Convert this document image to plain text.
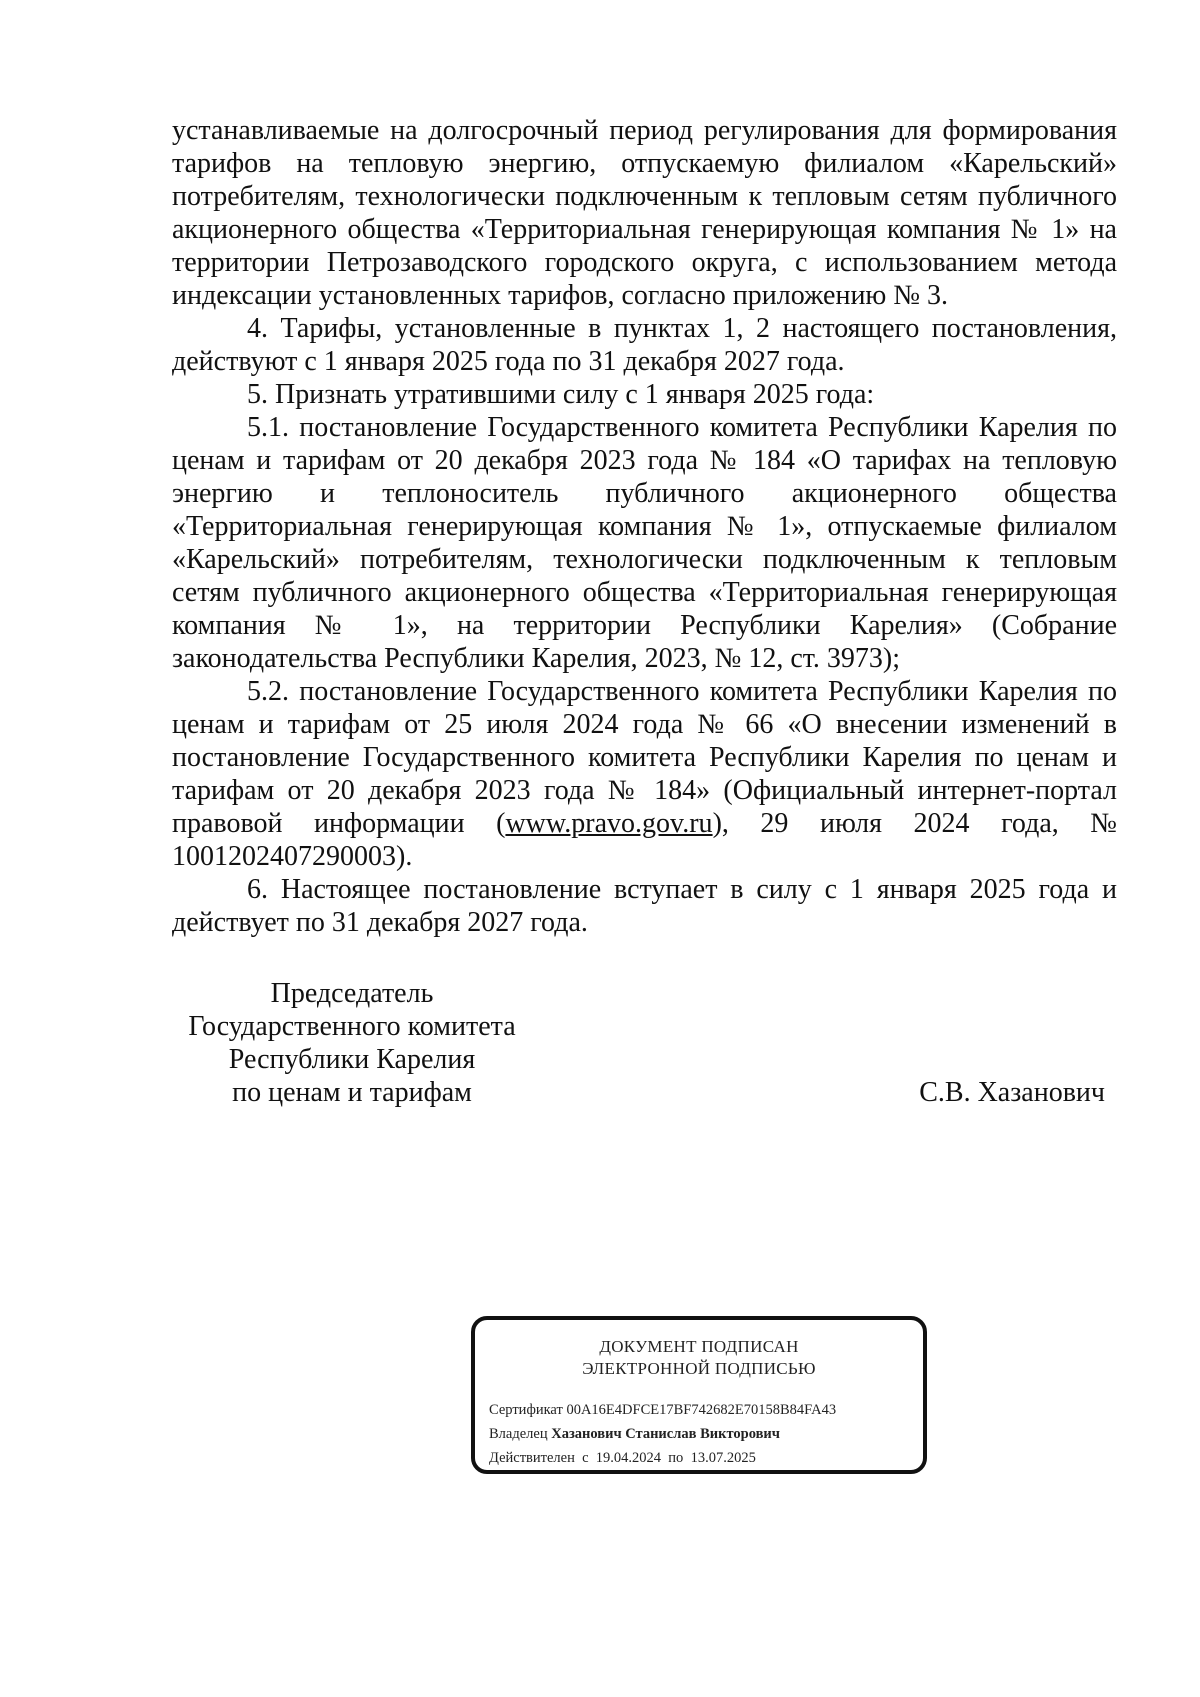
устанавливаемые на долгосрочный период регулирования для формирования тарифов на тепловую энергию, отпускаемую филиалом «Карельский» потребителям, технологически подключенным к тепловым сетям публичного акционерного общества «Территориальная генерирующая компания № 1» на территории Петрозаводского городского округа, с использованием метода индексации установленных тарифов, согласно приложению № 3.

4. Тарифы, установленные в пунктах 1, 2 настоящего постановления, действуют с 1 января 2025 года по 31 декабря 2027 года.

5. Признать утратившими силу с 1 января 2025 года:

5.1. постановление Государственного комитета Республики Карелия по ценам и тарифам от 20 декабря 2023 года № 184 «О тарифах на тепловую энергию и теплоноситель публичного акционерного общества «Территориальная генерирующая компания № 1», отпускаемые филиалом «Карельский» потребителям, технологически подключенным к тепловым сетям публичного акционерного общества «Территориальная генерирующая компания № 1», на территории Республики Карелия» (Собрание законодательства Республики Карелия, 2023, № 12, ст. 3973);

5.2. постановление Государственного комитета Республики Карелия по ценам и тарифам от 25 июля 2024 года № 66 «О внесении изменений в постановление Государственного комитета Республики Карелия по ценам и тарифам от 20 декабря 2023 года № 184» (Официальный интернет-портал правовой информации (www.pravo.gov.ru), 29 июля 2024 года, № 1001202407290003).

6. Настоящее постановление вступает в силу с 1 января 2025 года и действует по 31 декабря 2027 года.

Председатель
Государственного комитета
Республики Карелия
по ценам и тарифам	С.В. Хазанович
ДОКУМЕНТ ПОДПИСАН
ЭЛЕКТРОННОЙ ПОДПИСЬЮ
Сертификат 00A16E4DFCE17BF742682E70158B84FA43
Владелец Хазанович Станислав Викторович
Действителен с 19.04.2024 по 13.07.2025
